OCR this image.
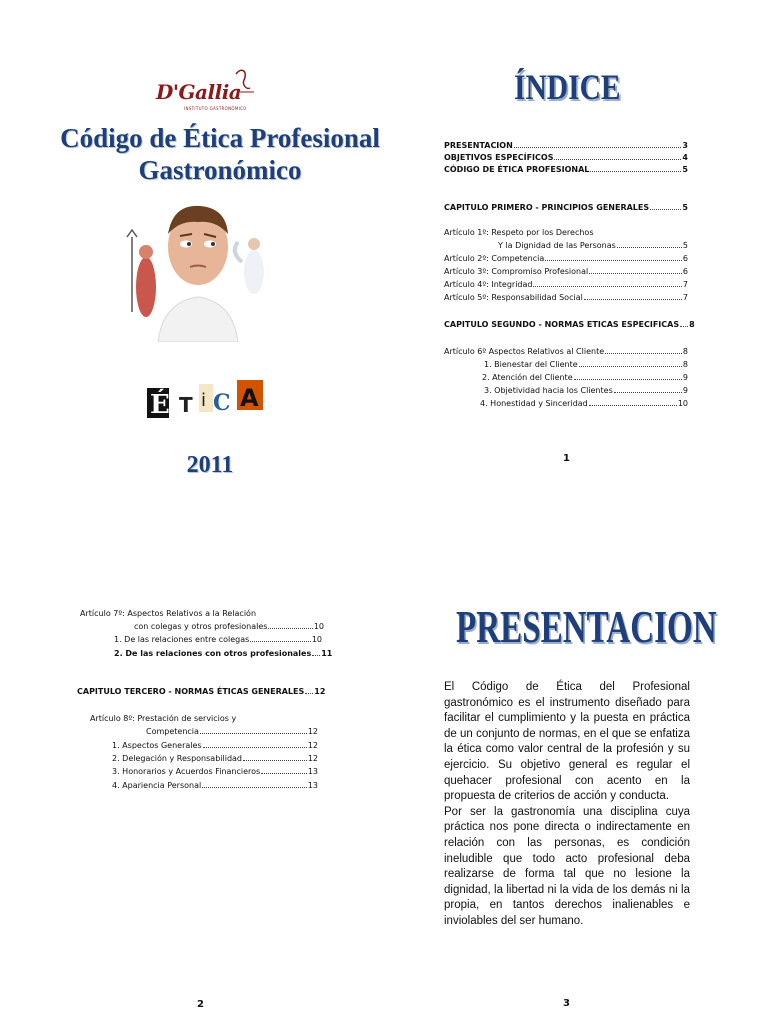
D'Gallia
INSTITUTO GASTRONÓMICO
Código de Ética Profesional
Gastronómico
É T i C A
2011
ÍNDICE
PRESENTACION	3
OBJETIVOS ESPECÍFICOS	4
CÓDIGO DE ÉTICA PROFESIONAL	5
CAPITULO PRIMERO - PRINCIPIOS GENERALES	5
Artículo 1º: Respeto por los Derechos
Y la Dignidad de las Personas	5
Artículo 2º: Competencia	6
Artículo 3º: Compromiso Profesional	6
Artículo 4º: Integridad	7
Artículo 5º: Responsabilidad Social	7
CAPITULO SEGUNDO - NORMAS ETICAS ESPECIFICAS 8
Artículo 6º Aspectos Relativos al Cliente	8
1. Bienestar del Cliente	8
2. Atención del Cliente	9
3. Objetividad hacia los Clientes	9
4. Honestidad y Sinceridad	10
1
Artículo 7º: Aspectos Relativos a la Relación
con colegas y otros profesionales	10
1. De las relaciones entre colegas	10
2. De las relaciones con otros profesionales 11
CAPITULO TERCERO - NORMAS ÉTICAS GENERALES 12
Artículo 8º: Prestación de servicios y
Competencia	12
1. Aspectos Generales	12
2. Delegación y Responsabilidad	12
3. Honorarios y Acuerdos Financieros	13
4. Apariencia Personal	13
2
PRESENTACION
El Código de Ética del Profesional gastronómico es el instrumento diseñado para facilitar el cumplimiento y la puesta en práctica de un conjunto de normas, en el que se enfatiza la ética como valor central de la profesión y su ejercicio. Su objetivo general es regular el quehacer profesional con acento en la propuesta de criterios de acción y conducta.
Por ser la gastronomía una disciplina cuya práctica nos pone directa o indirectamente en relación con las personas, es condición ineludible que todo acto profesional deba realizarse de forma tal que no lesione la dignidad, la libertad ni la vida de los demás ni la propia, en tantos derechos inalienables e inviolables del ser humano.
3
